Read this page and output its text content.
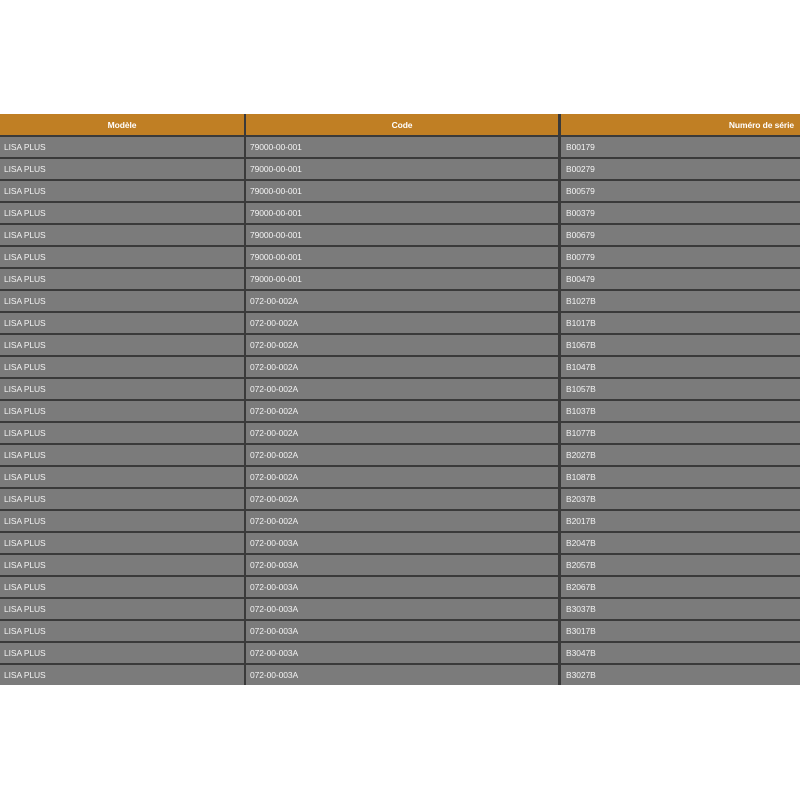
Modèle	Code	Numéro de série
LISA PLUS	79000-00-001	B00179
LISA PLUS	79000-00-001	B00279
LISA PLUS	79000-00-001	B00579
LISA PLUS	79000-00-001	B00379
LISA PLUS	79000-00-001	B00679
LISA PLUS	79000-00-001	B00779
LISA PLUS	79000-00-001	B00479
LISA PLUS	072-00-002A	B1027B
LISA PLUS	072-00-002A	B1017B
LISA PLUS	072-00-002A	B1067B
LISA PLUS	072-00-002A	B1047B
LISA PLUS	072-00-002A	B1057B
LISA PLUS	072-00-002A	B1037B
LISA PLUS	072-00-002A	B1077B
LISA PLUS	072-00-002A	B2027B
LISA PLUS	072-00-002A	B1087B
LISA PLUS	072-00-002A	B2037B
LISA PLUS	072-00-002A	B2017B
LISA PLUS	072-00-003A	B2047B
LISA PLUS	072-00-003A	B2057B
LISA PLUS	072-00-003A	B2067B
LISA PLUS	072-00-003A	B3037B
LISA PLUS	072-00-003A	B3017B
LISA PLUS	072-00-003A	B3047B
LISA PLUS	072-00-003A	B3027B
